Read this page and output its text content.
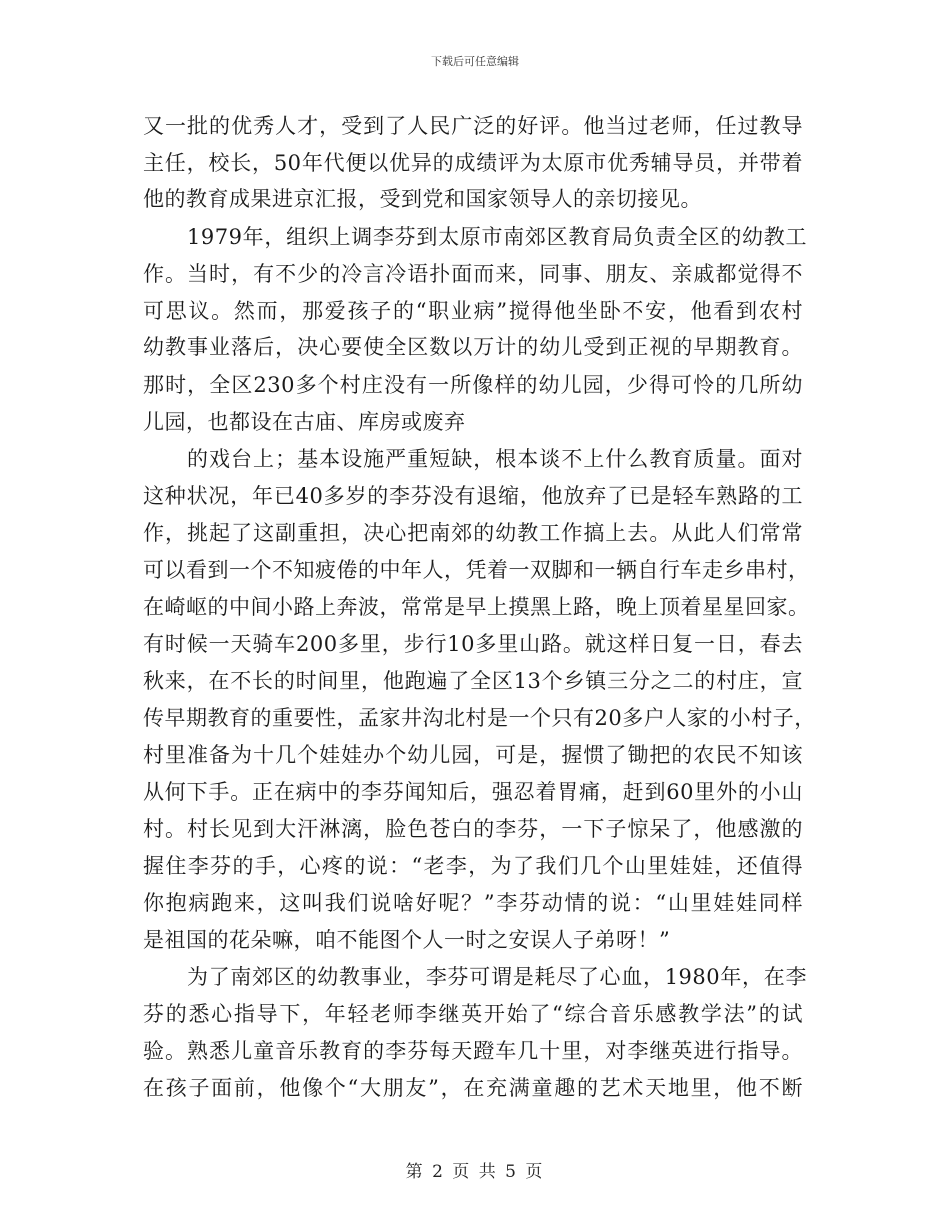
下载后可任意编辑
又一批的优秀人才，受到了人民广泛的好评。他当过老师，任过教导
主任，校长，50年代便以优异的成绩评为太原市优秀辅导员，并带着
他的教育成果进京汇报，受到党和国家领导人的亲切接见。
1979年，组织上调李芬到太原市南郊区教育局负责全区的幼教工
作。当时，有不少的冷言冷语扑面而来，同事、朋友、亲戚都觉得不
可思议。然而，那爱孩子的“职业病”搅得他坐卧不安，他看到农村
幼教事业落后，决心要使全区数以万计的幼儿受到正视的早期教育。
那时，全区230多个村庄没有一所像样的幼儿园，少得可怜的几所幼
儿园，也都设在古庙、库房或废弃
的戏台上；基本设施严重短缺，根本谈不上什么教育质量。面对
这种状况，年已40多岁的李芬没有退缩，他放弃了已是轻车熟路的工
作，挑起了这副重担，决心把南郊的幼教工作搞上去。从此人们常常
可以看到一个不知疲倦的中年人，凭着一双脚和一辆自行车走乡串村，
在崎岖的中间小路上奔波，常常是早上摸黑上路，晚上顶着星星回家。
有时候一天骑车200多里，步行10多里山路。就这样日复一日，春去
秋来，在不长的时间里，他跑遍了全区13个乡镇三分之二的村庄，宣
传早期教育的重要性，孟家井沟北村是一个只有20多户人家的小村子，
村里准备为十几个娃娃办个幼儿园，可是，握惯了锄把的农民不知该
从何下手。正在病中的李芬闻知后，强忍着胃痛，赶到60里外的小山
村。村长见到大汗淋漓，脸色苍白的李芬，一下子惊呆了，他感激的
握住李芬的手，心疼的说：“老李，为了我们几个山里娃娃，还值得
你抱病跑来，这叫我们说啥好呢？”李芬动情的说：“山里娃娃同样
是祖国的花朵嘛，咱不能图个人一时之安误人子弟呀！”
为了南郊区的幼教事业，李芬可谓是耗尽了心血，1980年，在李
芬的悉心指导下，年轻老师李继英开始了“综合音乐感教学法”的试
验。熟悉儿童音乐教育的李芬每天蹬车几十里，对李继英进行指导。
在孩子面前，他像个“大朋友”，在充满童趣的艺术天地里，他不断
第 2 页 共 5 页
